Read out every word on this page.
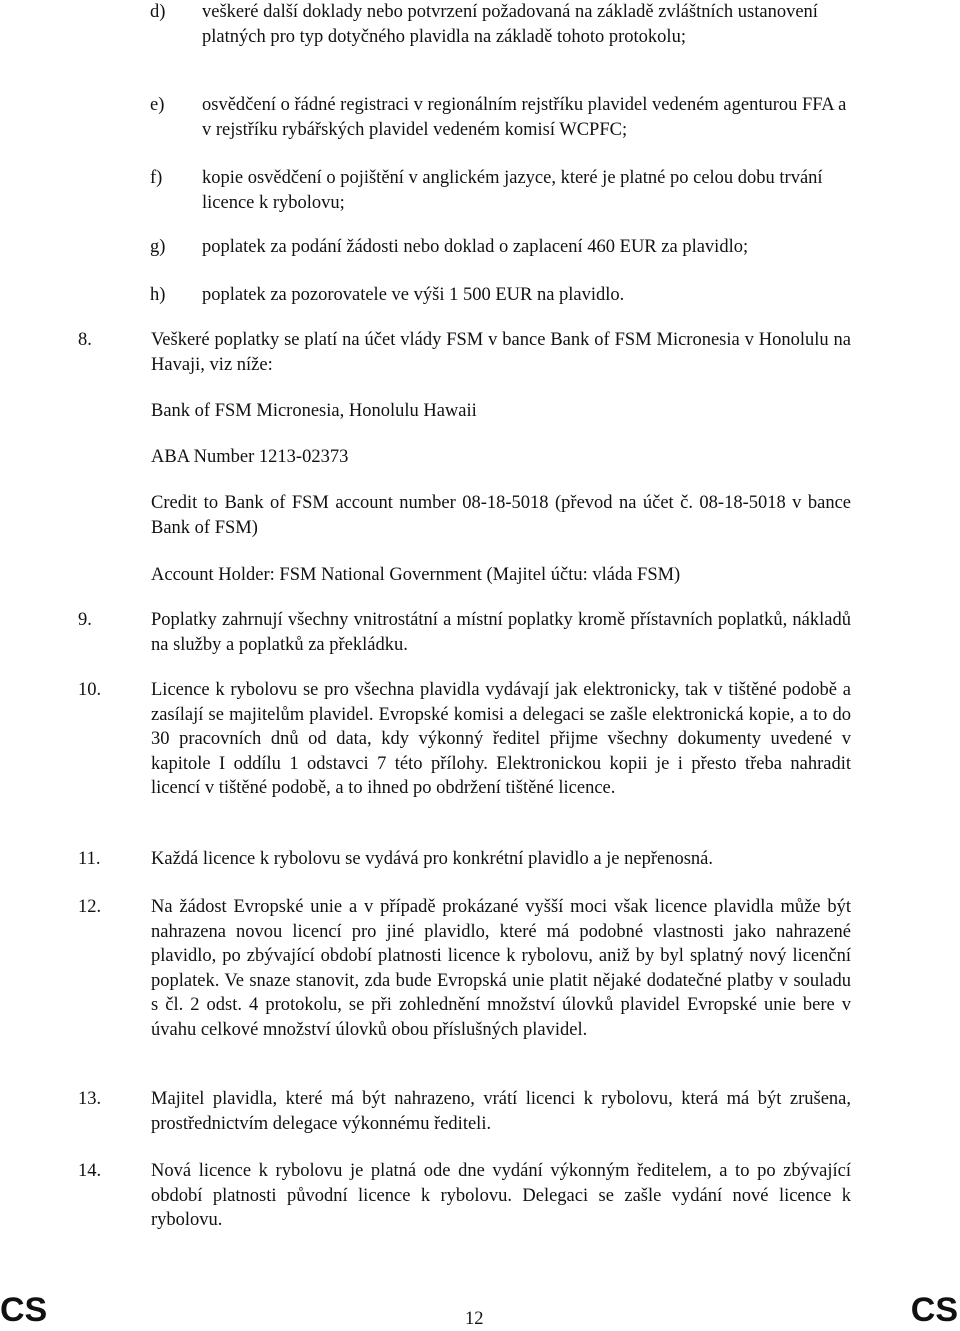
d) veškeré další doklady nebo potvrzení požadovaná na základě zvláštních ustanovení platných pro typ dotyčného plavidla na základě tohoto protokolu;
e) osvědčení o řádné registraci v regionálním rejstříku plavidel vedeném agenturou FFA a v rejstříku rybářských plavidel vedeném komisí WCPFC;
f) kopie osvědčení o pojištění v anglickém jazyce, které je platné po celou dobu trvání licence k rybolovu;
g) poplatek za podání žádosti nebo doklad o zaplacení 460 EUR za plavidlo;
h) poplatek za pozorovatele ve výši 1 500 EUR na plavidlo.
8.	Veškeré poplatky se platí na účet vlády FSM v bance Bank of FSM Micronesia v Honolulu na Havaji, viz níže:
Bank of FSM Micronesia, Honolulu Hawaii
ABA Number 1213-02373
Credit to Bank of FSM account number 08-18-5018 (převod na účet č. 08-18-5018 v bance Bank of FSM)
Account Holder: FSM National Government (Majitel účtu: vláda FSM)
9.	Poplatky zahrnují všechny vnitrostátní a místní poplatky kromě přístavních poplatků, nákladů na služby a poplatků za překládku.
10.	Licence k rybolovu se pro všechna plavidla vydávají jak elektronicky, tak v tištěné podobě a zasílají se majitelům plavidel. Evropské komisi a delegaci se zašle elektronická kopie, a to do 30 pracovních dnů od data, kdy výkonný ředitel přijme všechny dokumenty uvedené v kapitole I oddílu 1 odstavci 7 této přílohy. Elektronickou kopii je i přesto třeba nahradit licencí v tištěné podobě, a to ihned po obdržení tištěné licence.
11.	Každá licence k rybolovu se vydává pro konkrétní plavidlo a je nepřenosná.
12.	Na žádost Evropské unie a v případě prokázané vyšší moci však licence plavidla může být nahrazena novou licencí pro jiné plavidlo, které má podobné vlastnosti jako nahrazené plavidlo, po zbývající období platnosti licence k rybolovu, aniž by byl splatný nový licenční poplatek. Ve snaze stanovit, zda bude Evropská unie platit nějaké dodatečné platby v souladu s čl. 2 odst. 4 protokolu, se při zohlednění množství úlovků plavidel Evropské unie bere v úvahu celkové množství úlovků obou příslušných plavidel.
13.	Majitel plavidla, které má být nahrazeno, vrátí licenci k rybolovu, která má být zrušena, prostřednictvím delegace výkonnému řediteli.
14.	Nová licence k rybolovu je platná ode dne vydání výkonným ředitelem, a to po zbývající období platnosti původní licence k rybolovu. Delegaci se zašle vydání nové licence k rybolovu.
CS	12	CS
